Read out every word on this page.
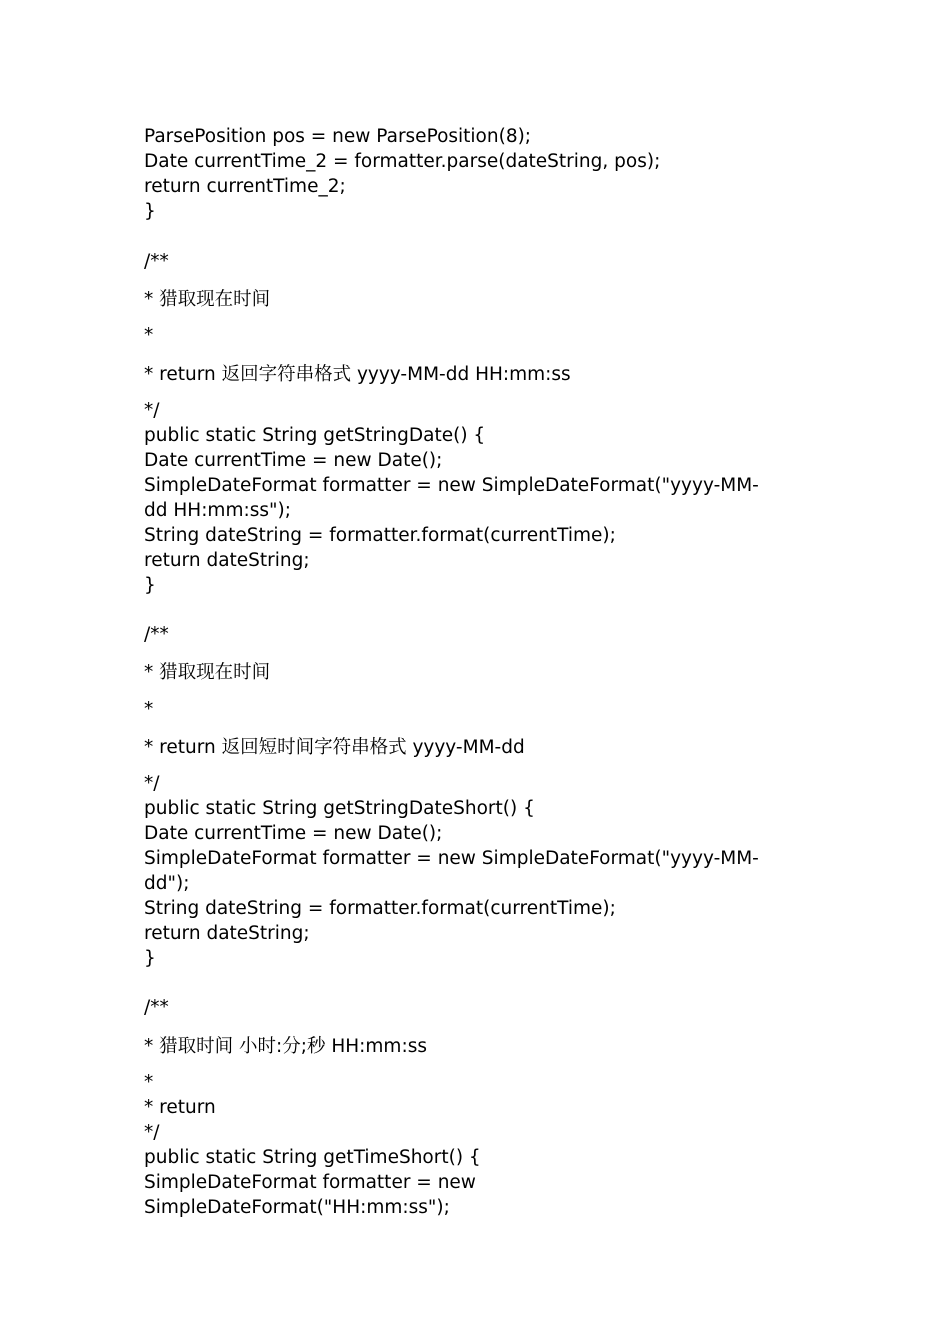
ParsePosition pos = new ParsePosition(8);

Date currentTime_2 = formatter.parse(dateString, pos);

return currentTime_2;

}

/**

* 猎取现在时间

*

* return 返回字符串格式 yyyy-MM-dd HH:mm:ss

*/

public static String getStringDate() {

Date currentTime = new Date();

SimpleDateFormat formatter = new SimpleDateFormat("yyyy-MM-

dd HH:mm:ss");

String dateString = formatter.format(currentTime);

return dateString;

}

/**

* 猎取现在时间

*

* return 返回短时间字符串格式 yyyy-MM-dd

*/

public static String getStringDateShort() {

Date currentTime = new Date();

SimpleDateFormat formatter = new SimpleDateFormat("yyyy-MM-

dd");

String dateString = formatter.format(currentTime);

return dateString;

}

/**

* 猎取时间 小时:分;秒 HH:mm:ss

*

* return

*/

public static String getTimeShort() {

SimpleDateFormat formatter = new

SimpleDateFormat("HH:mm:ss");
